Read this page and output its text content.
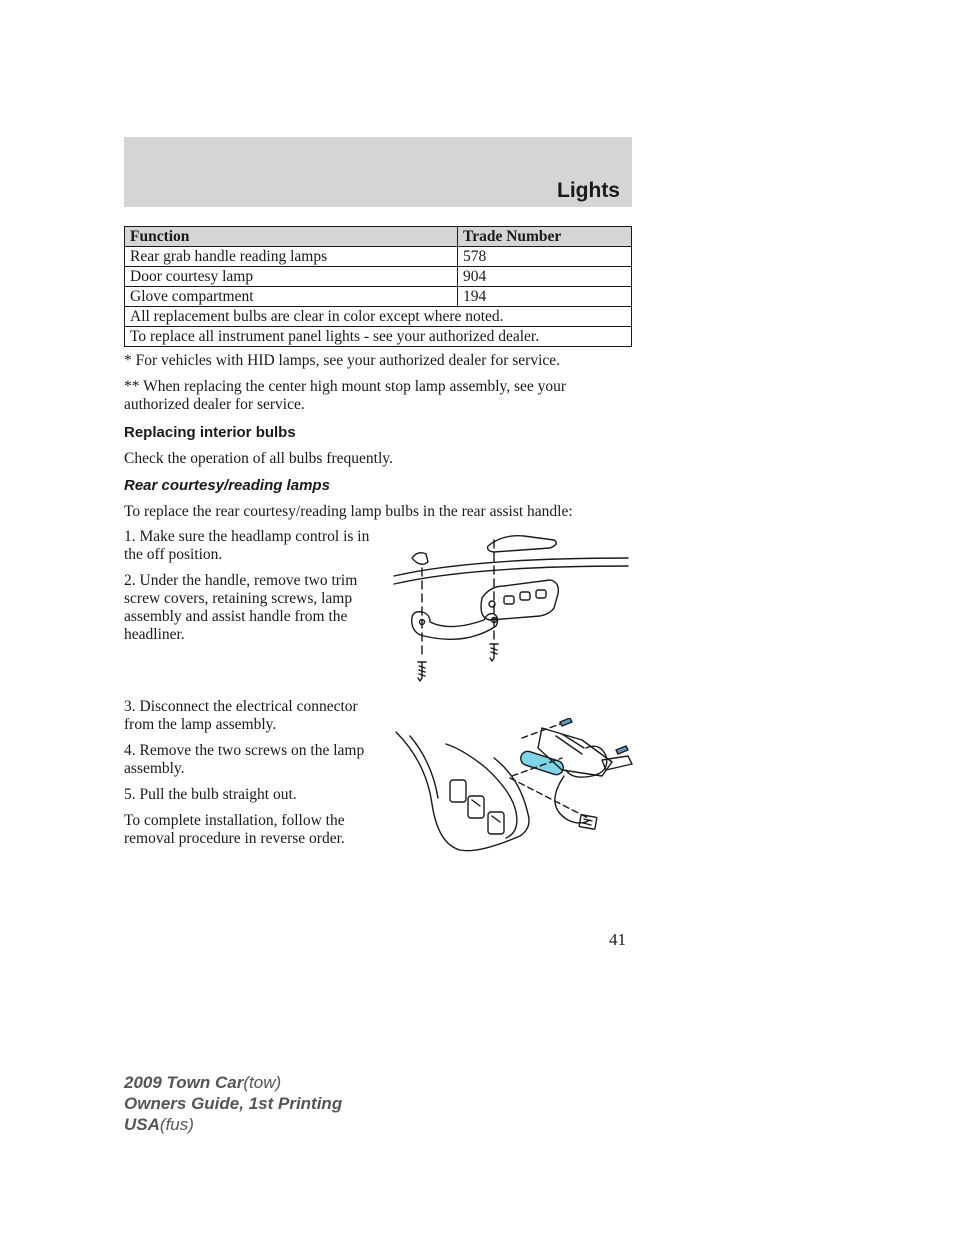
Lights
Function	Trade Number
Rear grab handle reading lamps	578
Door courtesy lamp	904
Glove compartment	194
All replacement bulbs are clear in color except where noted.	
To replace all instrument panel lights - see your authorized dealer.	

* For vehicles with HID lamps, see your authorized dealer for service.

** When replacing the center high mount stop lamp assembly, see your authorized dealer for service.

Replacing interior bulbs

Check the operation of all bulbs frequently.

Rear courtesy/reading lamps

To replace the rear courtesy/reading lamp bulbs in the rear assist handle:

1. Make sure the headlamp control is in the off position.

2. Under the handle, remove two trim screw covers, retaining screws, lamp assembly and assist handle from the headliner.

3. Disconnect the electrical connector from the lamp assembly.

4. Remove the two screws on the lamp assembly.

5. Pull the bulb straight out.

To complete installation, follow the removal procedure in reverse order.

41
2009 Town Car(tow)
Owners Guide, 1st Printing
USA(fus)
